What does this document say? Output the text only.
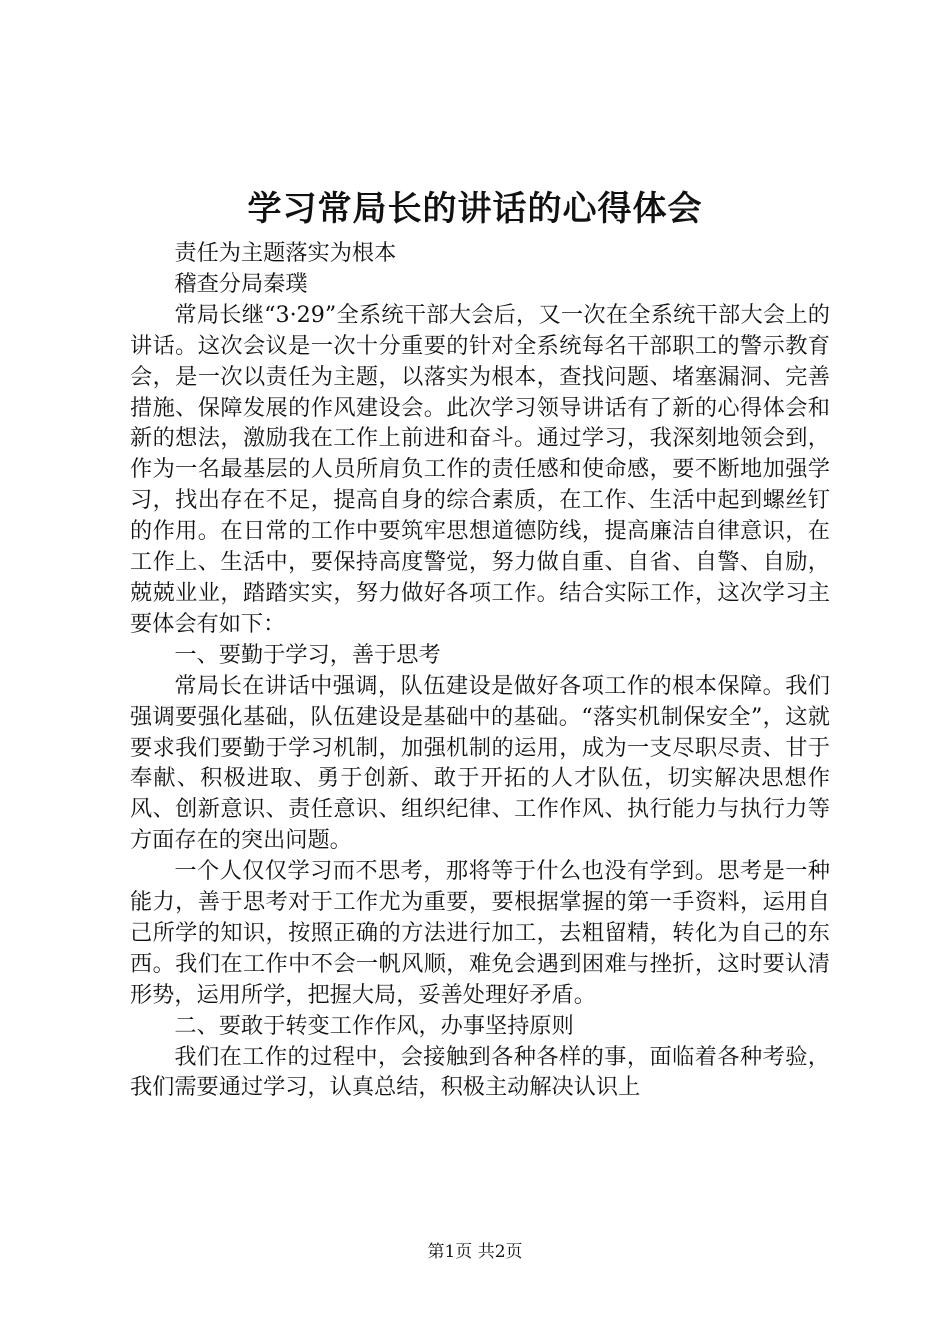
学习常局长的讲话的心得体会

责任为主题落实为根本

稽查分局秦璞

常局长继“3·29”全系统干部大会后，又一次在全系统干部大会上的讲话。这次会议是一次十分重要的针对全系统每名干部职工的警示教育会，是一次以责任为主题，以落实为根本，查找问题、堵塞漏洞、完善措施、保障发展的作风建设会。此次学习领导讲话有了新的心得体会和新的想法，激励我在工作上前进和奋斗。通过学习，我深刻地领会到，作为一名最基层的人员所肩负工作的责任感和使命感，要不断地加强学习，找出存在不足，提高自身的综合素质，在工作、生活中起到螺丝钉的作用。在日常的工作中要筑牢思想道德防线，提高廉洁自律意识，在工作上、生活中，要保持高度警觉，努力做自重、自省、自警、自励，兢兢业业，踏踏实实，努力做好各项工作。结合实际工作，这次学习主要体会有如下：

一、要勤于学习，善于思考

常局长在讲话中强调，队伍建设是做好各项工作的根本保障。我们强调要强化基础，队伍建设是基础中的基础。“落实机制保安全”，这就要求我们要勤于学习机制，加强机制的运用，成为一支尽职尽责、甘于奉献、积极进取、勇于创新、敢于开拓的人才队伍，切实解决思想作风、创新意识、责任意识、组织纪律、工作作风、执行能力与执行力等方面存在的突出问题。

一个人仅仅学习而不思考，那将等于什么也没有学到。思考是一种能力，善于思考对于工作尤为重要，要根据掌握的第一手资料，运用自己所学的知识，按照正确的方法进行加工，去粗留精，转化为自己的东西。我们在工作中不会一帆风顺，难免会遇到困难与挫折，这时要认清形势，运用所学，把握大局，妥善处理好矛盾。

二、要敢于转变工作作风，办事坚持原则

我们在工作的过程中，会接触到各种各样的事，面临着各种考验，我们需要通过学习，认真总结，积极主动解决认识上

第1页 共2页
